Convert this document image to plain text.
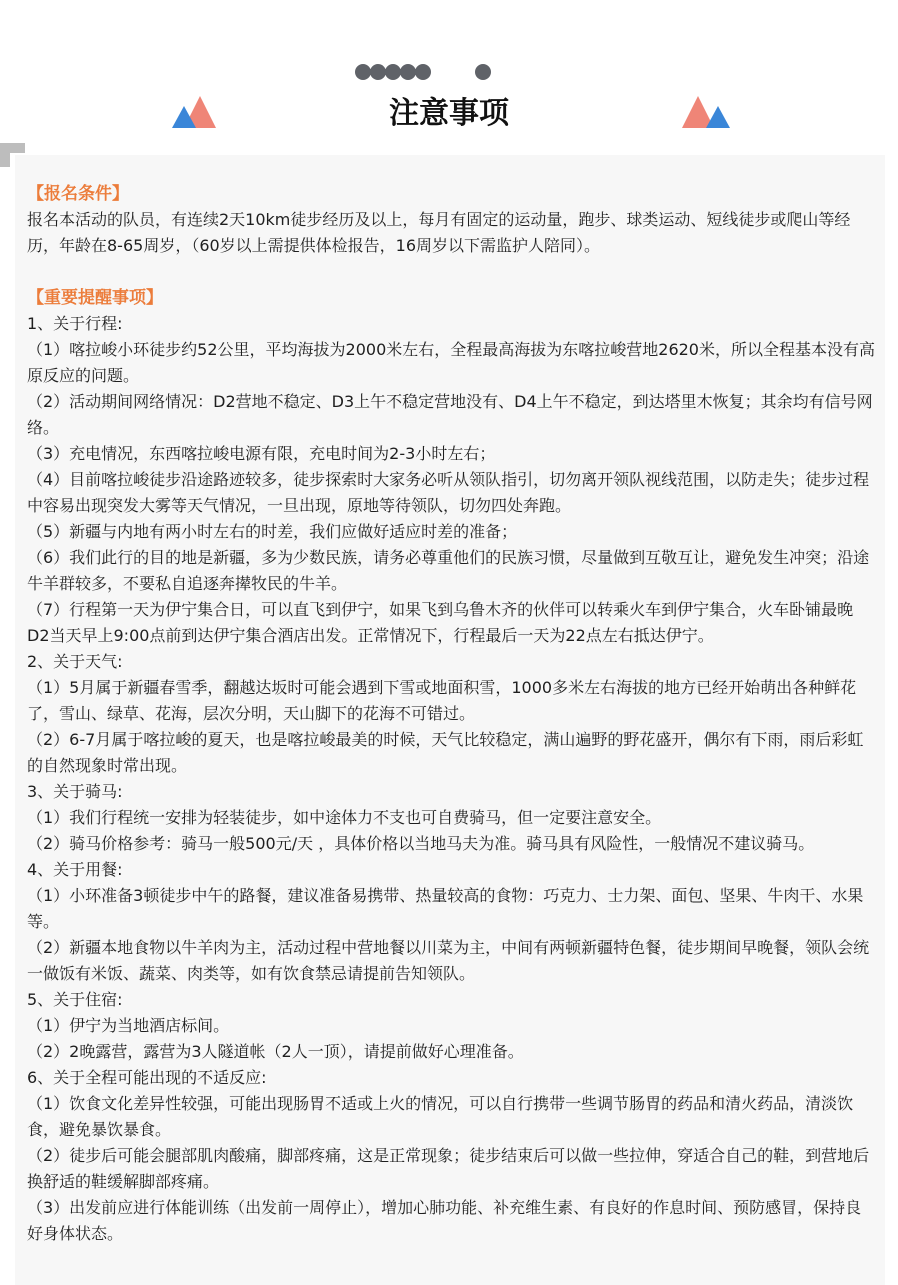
注意事项

【报名条件】

报名本活动的队员，有连续2天10km徒步经历及以上，每月有固定的运动量，跑步、球类运动、短线徒步或爬山等经历，年龄在8-65周岁，（60岁以上需提供体检报告，16周岁以下需监护人陪同）。

【重要提醒事项】

1、关于行程:

（1）喀拉峻小环徒步约52公里，平均海拔为2000米左右，全程最高海拔为东喀拉峻营地2620米，所以全程基本没有高原反应的问题。

（2）活动期间网络情况：D2营地不稳定、D3上午不稳定营地没有、D4上午不稳定，到达塔里木恢复；其余均有信号网络。

（3）充电情况，东西喀拉峻电源有限，充电时间为2-3小时左右；

（4）目前喀拉峻徒步沿途路迹较多，徒步探索时大家务必听从领队指引，切勿离开领队视线范围，以防走失；徒步过程中容易出现突发大雾等天气情况，一旦出现，原地等待领队，切勿四处奔跑。

（5）新疆与内地有两小时左右的时差，我们应做好适应时差的准备；

（6）我们此行的目的地是新疆，多为少数民族，请务必尊重他们的民族习惯，尽量做到互敬互让，避免发生冲突；沿途牛羊群较多，不要私自追逐奔撵牧民的牛羊。

（7）行程第一天为伊宁集合日，可以直飞到伊宁，如果飞到乌鲁木齐的伙伴可以转乘火车到伊宁集合，火车卧铺最晚D2当天早上9:00点前到达伊宁集合酒店出发。正常情况下，行程最后一天为22点左右抵达伊宁。

2、关于天气:

（1）5月属于新疆春雪季，翻越达坂时可能会遇到下雪或地面积雪，1000多米左右海拔的地方已经开始萌出各种鲜花了，雪山、绿草、花海，层次分明，天山脚下的花海不可错过。

（2）6-7月属于喀拉峻的夏天，也是喀拉峻最美的时候，天气比较稳定，满山遍野的野花盛开，偶尔有下雨，雨后彩虹的自然现象时常出现。

3、关于骑马:

（1）我们行程统一安排为轻装徒步，如中途体力不支也可自费骑马，但一定要注意安全。

（2）骑马价格参考：骑马一般500元/天 ，具体价格以当地马夫为准。骑马具有风险性，一般情况不建议骑马。

4、关于用餐:

（1）小环准备3顿徒步中午的路餐，建议准备易携带、热量较高的食物：巧克力、士力架、面包、坚果、牛肉干、水果等。

（2）新疆本地食物以牛羊肉为主，活动过程中营地餐以川菜为主，中间有两顿新疆特色餐，徒步期间早晚餐，领队会统一做饭有米饭、蔬菜、肉类等，如有饮食禁忌请提前告知领队。

5、关于住宿:

（1）伊宁为当地酒店标间。

（2）2晚露营，露营为3人隧道帐（2人一顶），请提前做好心理准备。

6、关于全程可能出现的不适反应:

（1）饮食文化差异性较强，可能出现肠胃不适或上火的情况，可以自行携带一些调节肠胃的药品和清火药品，清淡饮食，避免暴饮暴食。

（2）徒步后可能会腿部肌肉酸痛，脚部疼痛，这是正常现象；徒步结束后可以做一些拉伸，穿适合自己的鞋，到营地后换舒适的鞋缓解脚部疼痛。

（3）出发前应进行体能训练（出发前一周停止），增加心肺功能、补充维生素、有良好的作息时间、预防感冒，保持良好身体状态。
